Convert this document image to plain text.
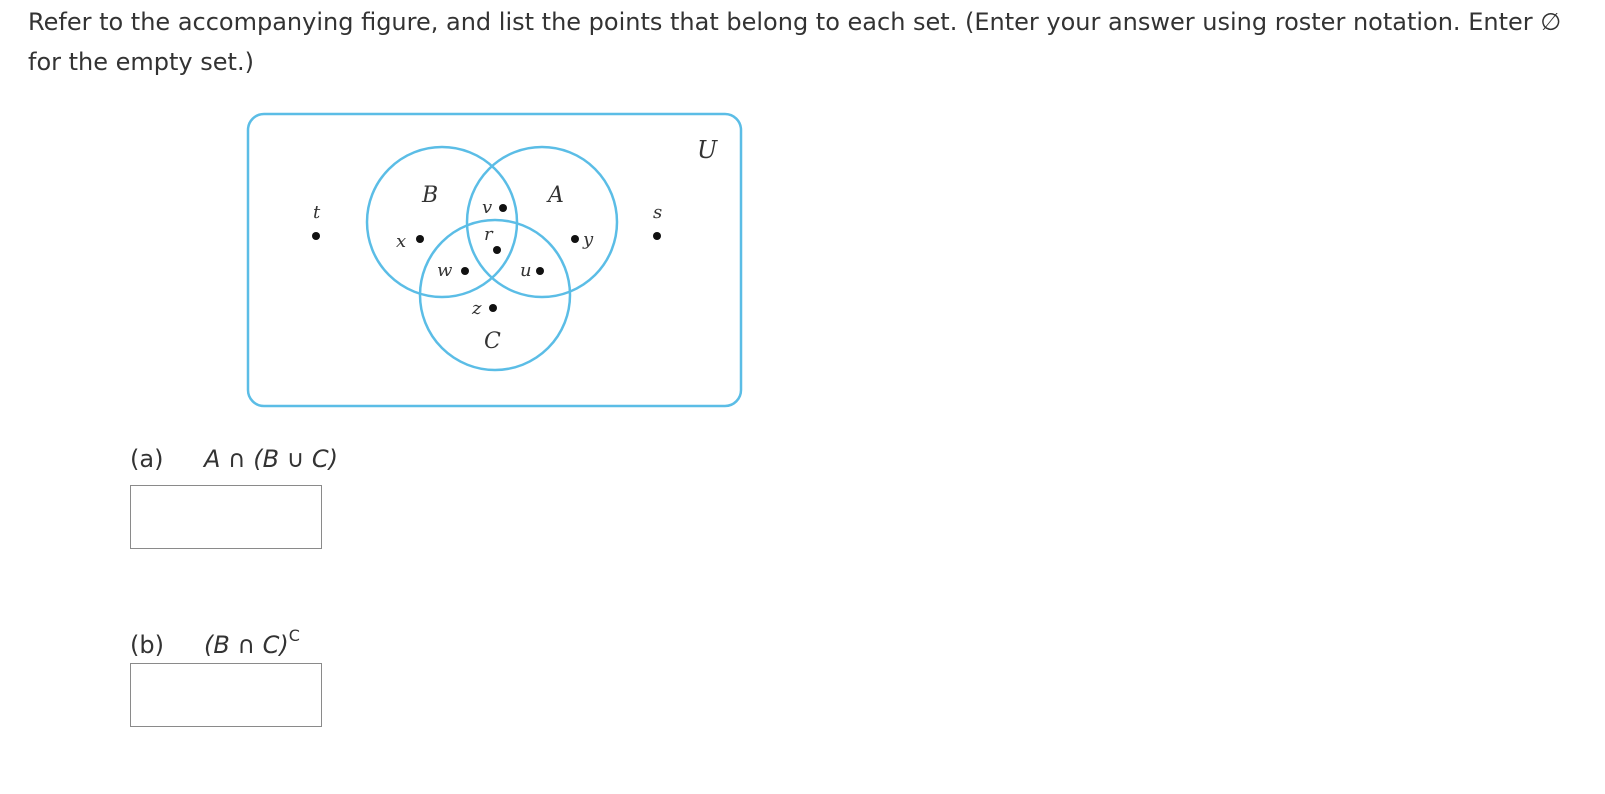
Refer to the accompanying figure, and list the points that belong to each set. (Enter your answer using roster notation. Enter ∅ for the empty set.)

U
B	A
C
t
x
v
r
w	u
y
z
s
(a) A ∩ (B ∪ C)
(b) (B ∩ C)$^C$
